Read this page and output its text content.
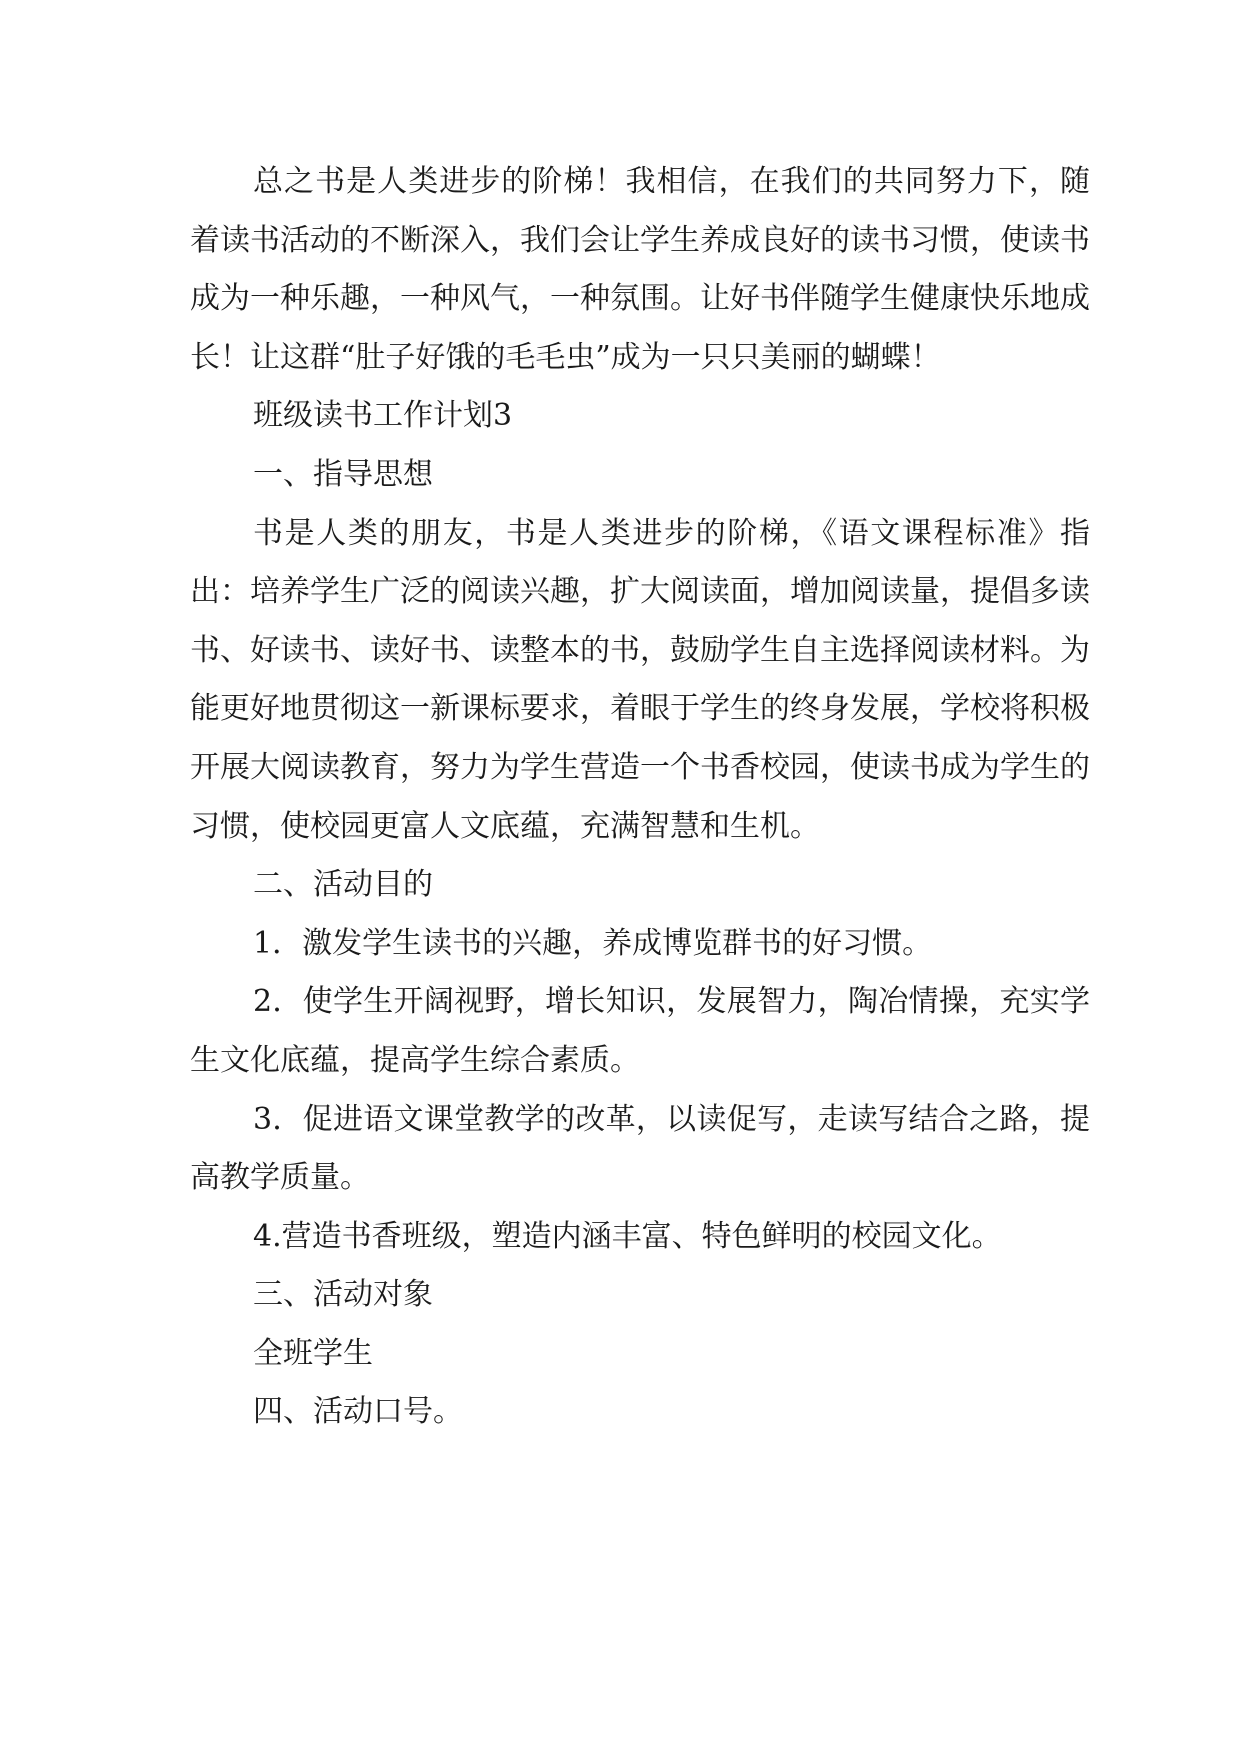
总之书是人类进步的阶梯！我相信，在我们的共同努力下，随着读书活动的不断深入，我们会让学生养成良好的读书习惯，使读书成为一种乐趣，一种风气，一种氛围。让好书伴随学生健康快乐地成长！让这群“肚子好饿的毛毛虫”成为一只只美丽的蝴蝶！

班级读书工作计划3

一、指导思想

书是人类的朋友，书是人类进步的阶梯，《语文课程标准》指出：培养学生广泛的阅读兴趣，扩大阅读面，增加阅读量，提倡多读书、好读书、读好书、读整本的书，鼓励学生自主选择阅读材料。为能更好地贯彻这一新课标要求，着眼于学生的终身发展，学校将积极开展大阅读教育，努力为学生营造一个书香校园，使读书成为学生的习惯，使校园更富人文底蕴，充满智慧和生机。

二、活动目的

1．激发学生读书的兴趣，养成博览群书的好习惯。

2．使学生开阔视野，增长知识，发展智力，陶冶情操，充实学生文化底蕴，提高学生综合素质。

3．促进语文课堂教学的改革，以读促写，走读写结合之路，提高教学质量。

4.营造书香班级，塑造内涵丰富、特色鲜明的校园文化。

三、活动对象

全班学生

四、活动口号。
